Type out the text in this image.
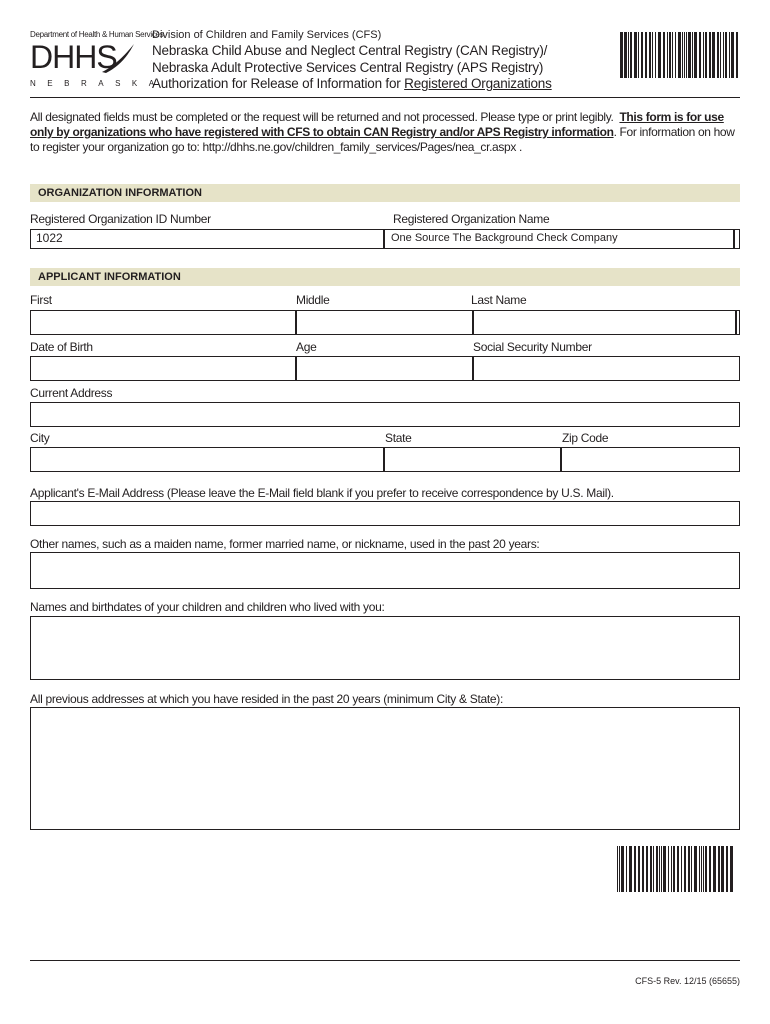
Department of Health & Human Services
DHHS
NEBRASKA
Division of Children and Family Services (CFS)
Nebraska Child Abuse and Neglect Central Registry (CAN Registry)/
Nebraska Adult Protective Services Central Registry (APS Registry)
Authorization for Release of Information for Registered Organizations
All designated fields must be completed or the request will be returned and not processed. Please type or print legibly. This form is for use only by organizations who have registered with CFS to obtain CAN Registry and/or APS Registry information. For information on how to register your organization go to: http://dhhs.ne.gov/children_family_services/Pages/nea_cr.aspx .
ORGANIZATION INFORMATION
Registered Organization ID Number	Registered Organization Name
1022	One Source The Background Check Company
APPLICANT INFORMATION
First	Middle	Last Name
Date of Birth	Age	Social Security Number
Current Address
City	State	Zip Code
Applicant's E-Mail Address (Please leave the E-Mail field blank if you prefer to receive correspondence by U.S. Mail).
Other names, such as a maiden name, former married name, or nickname, used in the past 20 years:
Names and birthdates of your children and children who lived with you:
All previous addresses at which you have resided in the past 20 years (minimum City & State):
CFS-5 Rev. 12/15 (65655)
